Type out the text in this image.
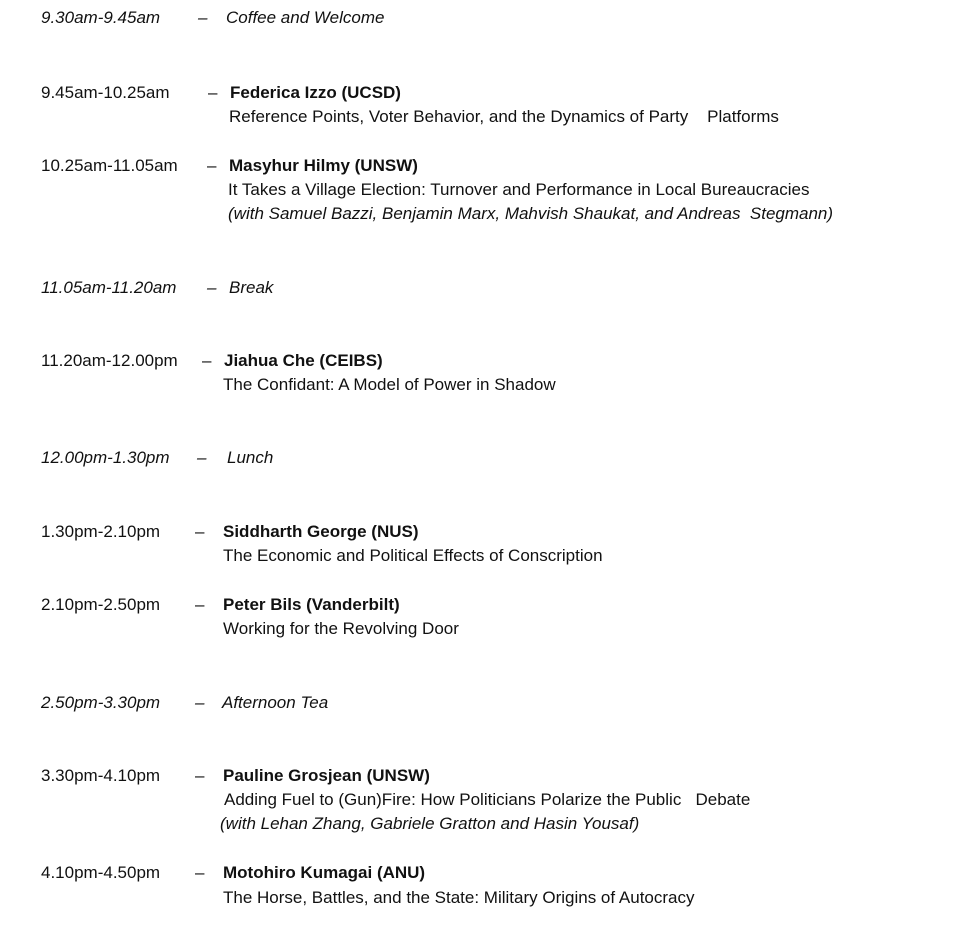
9.30am-9.45am – Coffee and Welcome
9.45am-10.25am – Federica Izzo (UCSD)
Reference Points, Voter Behavior, and the Dynamics of Party    Platforms
10.25am-11.05am – Masyhur Hilmy (UNSW)
It Takes a Village Election: Turnover and Performance in Local Bureaucracies
(with Samuel Bazzi, Benjamin Marx, Mahvish Shaukat, and Andreas  Stegmann)
11.05am-11.20am – Break
11.20am-12.00pm – Jiahua Che (CEIBS)
The Confidant: A Model of Power in Shadow
12.00pm-1.30pm – Lunch
1.30pm-2.10pm – Siddharth George (NUS)
The Economic and Political Effects of Conscription
2.10pm-2.50pm – Peter Bils (Vanderbilt)
Working for the Revolving Door
2.50pm-3.30pm – Afternoon Tea
3.30pm-4.10pm – Pauline Grosjean (UNSW)
Adding Fuel to (Gun)Fire: How Politicians Polarize the Public   Debate
(with Lehan Zhang, Gabriele Gratton and Hasin Yousaf)
4.10pm-4.50pm – Motohiro Kumagai (ANU)
The Horse, Battles, and the State: Military Origins of Autocracy
